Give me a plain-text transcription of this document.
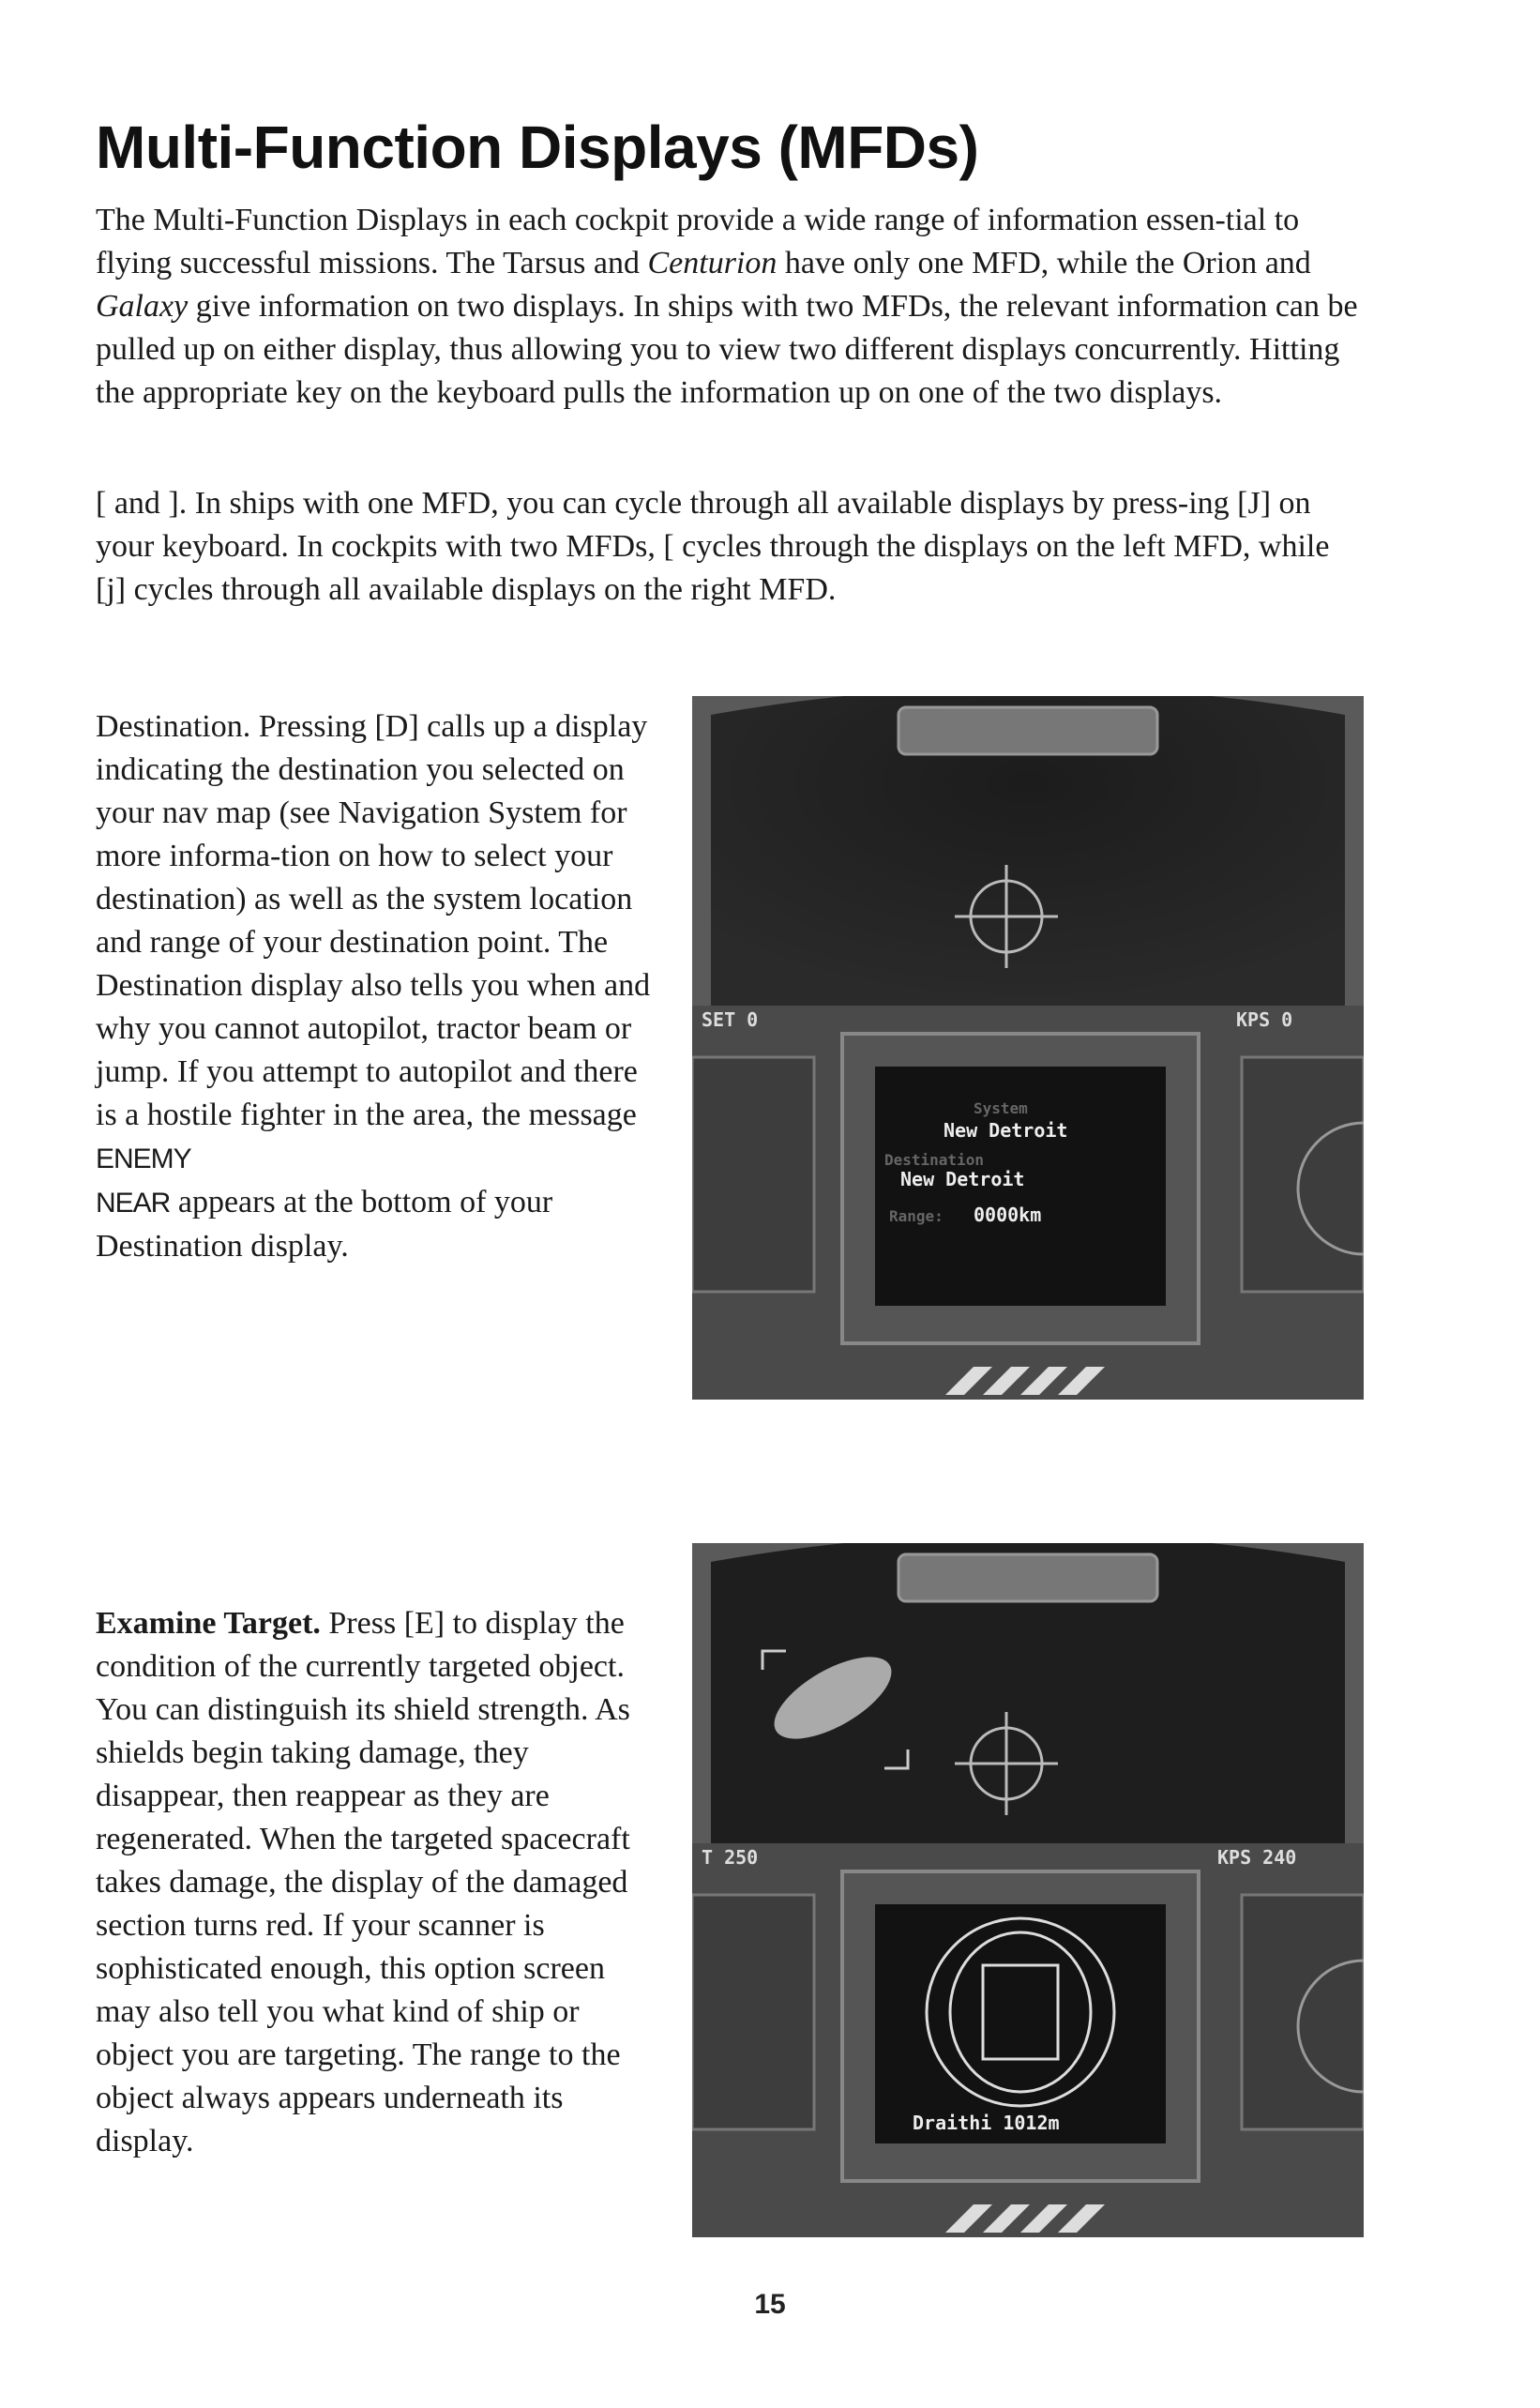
Multi-Function Displays (MFDs)

The Multi-Function Displays in each cockpit provide a wide range of information essen-tial to flying successful missions. The Tarsus and Centurion have only one MFD, while the Orion and Galaxy give information on two displays. In ships with two MFDs, the relevant information can be pulled up on either display, thus allowing you to view two different displays concurrently. Hitting the appropriate key on the keyboard pulls the information up on one of the two displays.

[ and ]. In ships with one MFD, you can cycle through all available displays by press-ing [J] on your keyboard. In cockpits with two MFDs, [ cycles through the displays on the left MFD, while [j] cycles through all available displays on the right MFD.

Destination. Pressing [D] calls up a display indicating the destination you selected on your nav map (see Navigation System for more informa-tion on how to select your destination) as well as the system location and range of your destination point. The Destination display also tells you when and why you cannot autopilot, tractor beam or jump. If you attempt to autopilot and there is a hostile fighter in the area, the message ENEMY
NEAR appears at the bottom of your Destination display.

SET 0	KPS 0
System
New Detroit
Destination
New Detroit
Range: 0000km

Examine Target. Press [E] to display the condition of the currently targeted object. You can distinguish its shield strength. As shields begin taking damage, they disappear, then reappear as they are regenerated. When the targeted spacecraft takes damage, the display of the damaged section turns red. If your scanner is sophisticated enough, this option screen may also tell you what kind of ship or object you are targeting. The range to the object always appears underneath its display.

T 250	KPS 240
Draithi 1012m
15
